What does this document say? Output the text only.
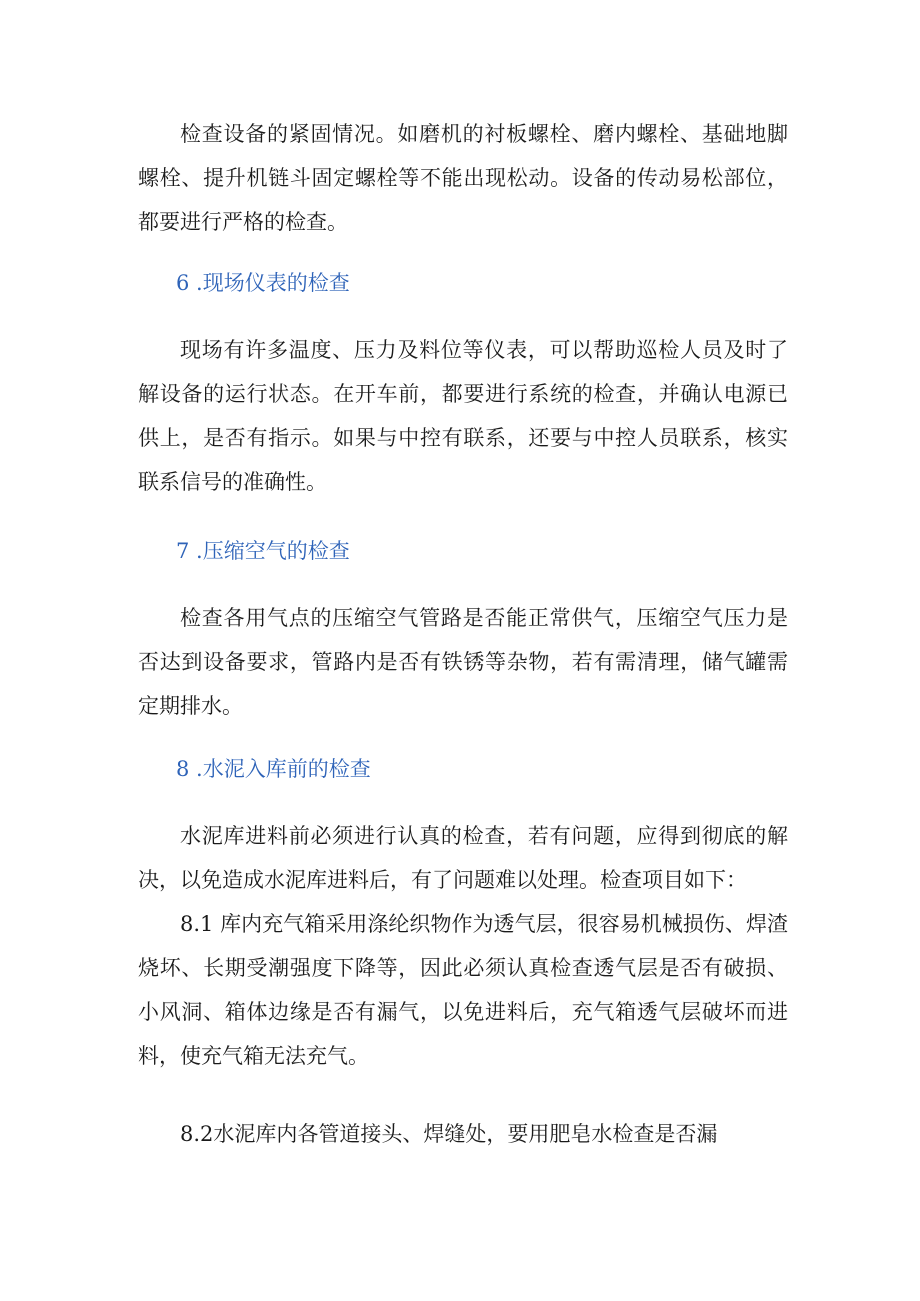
检查设备的紧固情况。如磨机的衬板螺栓、磨内螺栓、基础地脚螺栓、提升机链斗固定螺栓等不能出现松动。设备的传动易松部位，都要进行严格的检查。

6 .现场仪表的检查

现场有许多温度、压力及料位等仪表，可以帮助巡检人员及时了解设备的运行状态。在开车前，都要进行系统的检查，并确认电源已供上，是否有指示。如果与中控有联系，还要与中控人员联系，核实联系信号的准确性。

7 .压缩空气的检查

检查各用气点的压缩空气管路是否能正常供气，压缩空气压力是否达到设备要求，管路内是否有铁锈等杂物，若有需清理，储气罐需定期排水。

8 .水泥入库前的检查

水泥库进料前必须进行认真的检查，若有问题，应得到彻底的解决，以免造成水泥库进料后，有了问题难以处理。检查项目如下：

8.1 库内充气箱采用涤纶织物作为透气层，很容易机械损伤、焊渣烧坏、长期受潮强度下降等，因此必须认真检查透气层是否有破损、小风洞、箱体边缘是否有漏气，以免进料后，充气箱透气层破坏而进料，使充气箱无法充气。

8.2水泥库内各管道接头、焊缝处，要用肥皂水检查是否漏
